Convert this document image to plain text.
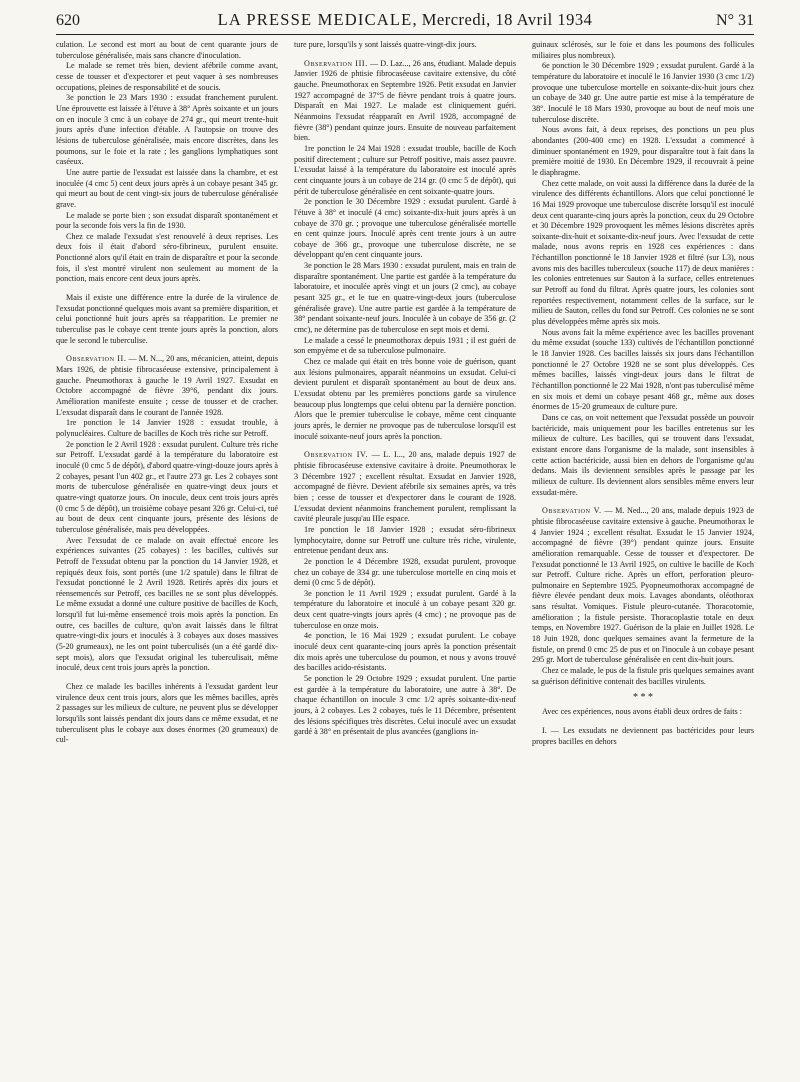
620	LA PRESSE MEDICALE, Mercredi, 18 Avril 1934	N° 31

culation. Le second est mort au bout de cent quarante jours de tuberculose généralisée, mais sans chancre d'inoculation.

Le malade se remet très bien, devient afébrile comme avant, cesse de tousser et d'expectorer et peut vaquer à ses nombreuses occupations, pleines de responsabilité et de soucis.

3e ponction le 23 Mars 1930 : exsudat franchement purulent. Une éprouvette est laissée à l'étuve à 38° Après soixante et un jours on en inocule 3 cmc à un cobaye de 274 gr., qui meurt trente-huit jours après d'une infection d'étable. A l'autopsie on trouve des lésions de tuberculose généralisée, mais encore discrètes, dans les poumons, sur le foie et la rate ; les ganglions lymphatiques sont caséeux.

Une autre partie de l'exsudat est laissée dans la chambre, et est inoculée (4 cmc 5) cent deux jours après à un cobaye pesant 345 gr. qui meurt au bout de cent vingt-six jours de tuberculose généralisée grave.

Le malade se porte bien ; son exsudat disparaît spontanément et pour la seconde fois vers la fin de 1930.

Chez ce malade l'exsudat s'est renouvelé à deux reprises. Les deux fois il était d'abord séro-fibrineux, purulent ensuite. Ponctionné alors qu'il était en train de disparaître et pour la seconde fois, il s'est montré virulent non seulement au moment de la ponction, mais encore cent deux jours après.

Mais il existe une différence entre la durée de la virulence de l'exsudat ponctionné quelques mois avant sa première disparition, et celui ponctionné huit jours après sa réapparition. Le premier ne tuberculise pas le cobaye cent trente jours après la ponction, alors que le second le tuberculise.

Observation II. — M. N..., 20 ans, mécanicien, atteint, depuis Mars 1926, de phtisie fibrocaséeuse extensive, principalement à gauche. Pneumothorax à gauche le 19 Avril 1927. Exsudat en Octobre accompagné de fièvre 39°6, pendant dix jours. Amélioration manifeste ensuite ; cesse de tousser et de cracher. L'exsudat disparaît dans le courant de l'année 1928.

1re ponction le 14 Janvier 1928 : exsudat trouble, à polynucléaires. Culture de bacilles de Koch très riche sur Petroff.

2e ponction le 2 Avril 1928 : exsudat purulent. Culture très riche sur Petroff. L'exsudat gardé à la température du laboratoire est inoculé (0 cmc 5 de dépôt), d'abord quatre-vingt-douze jours après à 2 cobayes, pesant l'un 402 gr., et l'autre 273 gr. Les 2 cobayes sont morts de tuberculose généralisée en quatre-vingt deux jours et quatre-vingt quatorze jours. On inocule, deux cent trois jours après (0 cmc 5 de dépôt), un troisième cobaye pesant 326 gr. Celui-ci, tué au bout de deux cent cinquante jours, présente des lésions de tuberculose généralisée, mais peu développées.

Avec l'exsudat de ce malade on avait effectué encore les expériences suivantes (25 cobayes) : les bacilles, cultivés sur Petroff de l'exsudat obtenu par la ponction du 14 Janvier 1928, et repiqués deux fois, sont portés (une 1/2 spatule) dans le filtrat de l'exsudat ponctionné le 2 Avril 1928. Retirés après dix jours et réensemencés sur Petroff, ces bacilles ne se sont plus développés. Le même exsudat a donné une culture positive de bacilles de Koch, lorsqu'il fut lui-même ensemencé trois mois après la ponction. En outre, ces bacilles de culture, qu'on avait laissés dans le filtrat quatre-vingt-dix jours et inoculés à 3 cobayes aux doses massives (5-20 grumeaux), ne les ont point tuberculisés (un a été gardé dix-sept mois), alors que l'exsudat original les tuberculisait, même inoculé, deux cent trois jours après la ponction.

Chez ce malade les bacilles inhérents à l'exsudat gardent leur virulence deux cent trois jours, alors que les mêmes bacilles, après 2 passages sur les milieux de culture, ne peuvent plus se développer lorsqu'ils sont laissés pendant dix jours dans ce même exsudat, et ne tuberculisent plus le cobaye aux doses énormes (20 grumeaux) de cul-

ture pure, lorsqu'ils y sont laissés quatre-vingt-dix jours.

Observation III. — D. Laz..., 26 ans, étudiant. Malade depuis Janvier 1926 de phtisie fibrocaséeuse cavitaire extensive, du côté gauche. Pneumothorax en Septembre 1926. Petit exsudat en Janvier 1927 accompagné de 37°5 de fièvre pendant trois à quatre jours. Disparaît en Mai 1927. Le malade est cliniquement guéri. Néanmoins l'exsudat réapparaît en Avril 1928, accompagné de fièvre (38°) pendant quinze jours. Ensuite de nouveau parfaitement bien.

1re ponction le 24 Mai 1928 : exsudat trouble, bacille de Koch positif directement ; culture sur Petroff positive, mais assez pauvre. L'exsudat laissé à la température du laboratoire est inoculé après cent cinquante jours à un cobaye de 214 gr. (0 cmc 5 de dépôt), qui périt de tuberculose généralisée en cent soixante-quatre jours.

2e ponction le 30 Décembre 1929 : exsudat purulent. Gardé à l'étuve à 38° et inoculé (4 cmc) soixante-dix-huit jours après à un cobaye de 370 gr. ; provoque une tuberculose généralisée mortelle en cent quinze jours. Inoculé après cent trente jours à un autre cobaye de 366 gr., provoque une tuberculose discrète, ne se développant qu'en cent cinquante jours.

3e ponction le 28 Mars 1930 : exsudat purulent, mais en train de disparaître spontanément. Une partie est gardée à la température du laboratoire, et inoculée après vingt et un jours (2 cmc), au cobaye pesant 325 gr., et le tue en quatre-vingt-deux jours (tuberculose généralisée grave). Une autre partie est gardée à la température de 38° pendant soixante-neuf jours. Inoculée à un cobaye de 356 gr. (2 cmc), ne détermine pas de tuberculose en sept mois et demi.

Le malade a cessé le pneumothorax depuis 1931 ; il est guéri de son empyème et de sa tuberculose pulmonaire.

Chez ce malade qui était en très bonne voie de guérison, quant aux lésions pulmonaires, apparaît néanmoins un exsudat. Celui-ci devient purulent et disparaît spontanément au bout de deux ans. L'exsudat obtenu par les premières ponctions garde sa virulence beaucoup plus longtemps que celui obtenu par la dernière ponction. Alors que le premier tuberculise le cobaye, même cent cinquante jours après, le dernier ne provoque pas de tuberculose lorsqu'il est inoculé soixante-neuf jours après la ponction.

Observation IV. — L. I..., 20 ans, malade depuis 1927 de phtisie fibrocaséeuse extensive cavitaire à droite. Pneumothorax le 3 Décembre 1927 ; excellent résultat. Exsudat en Janvier 1928, accompagné de fièvre. Devient afébrile six semaines après, va très bien ; cesse de tousser et d'expectorer dans le courant de 1928. L'exsudat devient néanmoins franchement purulent, remplissant la cavité pleurale jusqu'au IIIe espace.

1re ponction le 18 Janvier 1928 ; exsudat séro-fibrineux lymphocytaire, donne sur Petroff une culture très riche, virulente, entretenue pendant deux ans.

2e ponction le 4 Décembre 1928, exsudat purulent, provoque chez un cobaye de 334 gr. une tuberculose mortelle en cinq mois et demi (0 cmc 5 de dépôt).

3e ponction le 11 Avril 1929 ; exsudat purulent. Gardé à la température du laboratoire et inoculé à un cobaye pesant 320 gr. deux cent quatre-vingts jours après (4 cmc) ; ne provoque pas de tuberculose en onze mois.

4e ponction, le 16 Mai 1929 ; exsudat purulent. Le cobaye inoculé deux cent quarante-cinq jours après la ponction présentait dix mois après une tuberculose du poumon, et nous y avons trouvé des bacilles acido-résistants.

5e ponction le 29 Octobre 1929 ; exsudat purulent. Une partie est gardée à la température du laboratoire, une autre à 38°. De chaque échantillon on inocule 3 cmc 1/2 après soixante-dix-neuf jours, à 2 cobayes. Les 2 cobayes, tués le 11 Décembre, présentent des lésions spécifiques très discrètes. Celui inoculé avec un exsudat gardé à 38° en présentait de plus avancées (ganglions in-

guinaux sclérosés, sur le foie et dans les poumons des follicules miliaires plus nombreux).

6e ponction le 30 Décembre 1929 ; exsudat purulent. Gardé à la température du laboratoire et inoculé le 16 Janvier 1930 (3 cmc 1/2) provoque une tuberculose mortelle en soixante-dix-huit jours chez un cobaye de 340 gr. Une autre partie est mise à la température de 38°. Inoculé le 18 Mars 1930, provoque au bout de neuf mois une tuberculose discrète.

Nous avons fait, à deux reprises, des ponctions un peu plus abondantes (200-400 cmc) en 1928. L'exsudat a commencé à diminuer spontanément en 1929, pour disparaître tout à fait dans la première moitié de 1930. En Décembre 1929, il recouvrait à peine le diaphragme.

Chez cette malade, on voit aussi la différence dans la durée de la virulence des différents échantillons. Alors que celui ponctionné le 16 Mai 1929 provoque une tuberculose discrète lorsqu'il est inoculé deux cent quarante-cinq jours après la ponction, ceux du 29 Octobre et 30 Décembre 1929 provoquent les mêmes lésions discrètes après soixante-dix-huit et soixante-dix-neuf jours. Avec l'exsudat de cette malade, nous avons repris en 1928 ces expériences : dans l'échantillon ponctionné le 18 Janvier 1928 et filtré (sur L3), nous avons mis des bacilles tuberculeux (souche 117) de deux manières : les colonies entretenues sur Sauton à la surface, celles entretenues sur Petroff au fond du filtrat. Après quatre jours, les colonies sont reportées respectivement, notamment celles de la surface, sur le milieu de Sauton, celles du fond sur Petroff. Ces colonies ne se sont plus développées même après six mois.

Nous avons fait la même expérience avec les bacilles provenant du même exsudat (souche 133) cultivés de l'échantillon ponctionné le 18 Janvier 1928. Ces bacilles laissés six jours dans l'échantillon ponctionné le 27 Octobre 1928 ne se sont plus développés. Ces mêmes bacilles, laissés vingt-deux jours dans le filtrat de l'échantillon ponctionné le 22 Mai 1928, n'ont pas tuberculisé même en six mois et demi un cobaye pesant 468 gr., même aux doses énormes de 15-20 grumeaux de culture pure.

Dans ce cas, on voit nettement que l'exsudat possède un pouvoir bactéricide, mais uniquement pour les bacilles entretenus sur les milieux de culture. Les bacilles, qui se trouvent dans l'exsudat, existant encore dans l'organisme de la malade, sont insensibles à cette action bactéricide, aussi bien en dehors de l'organisme qu'au dedans. Mais ils deviennent sensibles après le passage par les milieux de culture. Ils deviennent alors sensibles même envers leur exsudat-mère.

Observation V. — M. Ned..., 20 ans, malade depuis 1923 de phtisie fibrocaséeuse cavitaire extensive à gauche. Pneumothorax le 4 Janvier 1924 ; excellent résultat. Exsudat le 15 Janvier 1924, accompagné de fièvre (39°) pendant quinze jours. Ensuite amélioration remarquable. Cesse de tousser et d'expectorer. De l'exsudat ponctionné le 13 Avril 1925, on cultive le bacille de Koch sur Petroff. Culture riche. Après un effort, perforation pleuro-pulmonaire en Septembre 1925. Pyopneumothorax accompagné de fièvre élevée pendant deux mois. Lavages abondants, oléothorax sans résultat. Vomiques. Fistule pleuro-cutanée. Thoracotomie, amélioration ; la fistule persiste. Thoracoplastie totale en deux temps, en Novembre 1927. Guérison de la plaie en Juillet 1928. Le 18 Juin 1928, donc quelques semaines avant la fermeture de la fistule, on prend 0 cmc 25 de pus et on l'inocule à un cobaye pesant 295 gr. Mort de tuberculose généralisée en cent dix-huit jours.

Chez ce malade, le pus de la fistule pris quelques semaines avant sa guérison définitive contenait des bacilles virulents.

* * *

Avec ces expériences, nous avons établi deux ordres de faits :

I. — Les exsudats ne deviennent pas bactéricides pour leurs propres bacilles en dehors
